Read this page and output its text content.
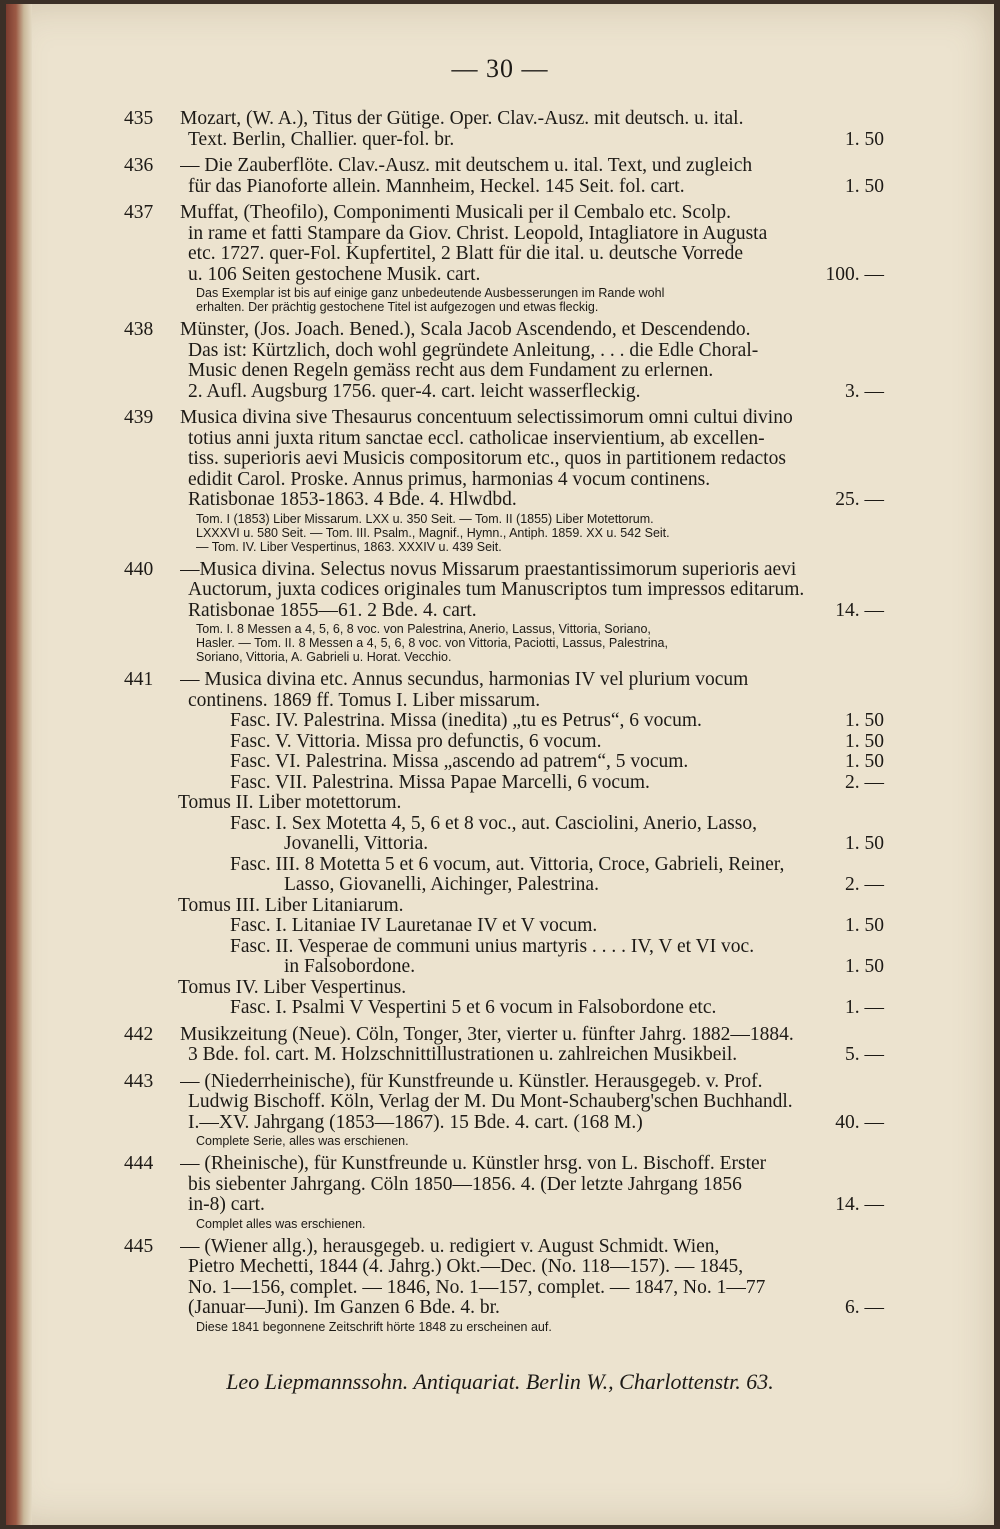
— 30 —
435	Mozart, (W. A.), Titus der Gütige. Oper. Clav.-Ausz. mit deutsch. u. ital.
Text. Berlin, Challier. quer-fol. br.	1. 50
436	— Die Zauberflöte. Clav.-Ausz. mit deutschem u. ital. Text, und zugleich
für das Pianoforte allein. Mannheim, Heckel. 145 Seit. fol. cart.	1. 50
437	Muffat, (Theofilo), Componimenti Musicali per il Cembalo etc. Scolp.
in rame et fatti Stampare da Giov. Christ. Leopold, Intagliatore in Augusta
etc. 1727. quer-Fol. Kupfertitel, 2 Blatt für die ital. u. deutsche Vorrede
u. 106 Seiten gestochene Musik. cart.	100. —
Das Exemplar ist bis auf einige ganz unbedeutende Ausbesserungen im Rande wohl
erhalten. Der prächtig gestochene Titel ist aufgezogen und etwas fleckig.
438	Münster, (Jos. Joach. Bened.), Scala Jacob Ascendendo, et Descendendo.
Das ist: Kürtzlich, doch wohl gegründete Anleitung, . . . die Edle Choral-
Music denen Regeln gemäss recht aus dem Fundament zu erlernen.
2. Aufl. Augsburg 1756. quer-4. cart. leicht wasserfleckig.	3. —
439	Musica divina sive Thesaurus concentuum selectissimorum omni cultui divino
totius anni juxta ritum sanctae eccl. catholicae inservientium, ab excellen-
tiss. superioris aevi Musicis compositorum etc., quos in partitionem redactos
edidit Carol. Proske. Annus primus, harmonias 4 vocum continens.
Ratisbonae 1853-1863. 4 Bde. 4. Hlwdbd.	25. —
Tom. I (1853) Liber Missarum. LXX u. 350 Seit. — Tom. II (1855) Liber Motettorum.
LXXXVI u. 580 Seit. — Tom. III. Psalm., Magnif., Hymn., Antiph. 1859. XX u. 542 Seit.
— Tom. IV. Liber Vespertinus, 1863. XXXIV u. 439 Seit.
440	—Musica divina. Selectus novus Missarum praestantissimorum superioris aevi
Auctorum, juxta codices originales tum Manuscriptos tum impressos editarum.
Ratisbonae 1855—61. 2 Bde. 4. cart.	14. —
Tom. I. 8 Messen a 4, 5, 6, 8 voc. von Palestrina, Anerio, Lassus, Vittoria, Soriano,
Hasler. — Tom. II. 8 Messen a 4, 5, 6, 8 voc. von Vittoria, Paciotti, Lassus, Palestrina,
Soriano, Vittoria, A. Gabrieli u. Horat. Vecchio.
441	— Musica divina etc. Annus secundus, harmonias IV vel plurium vocum
continens. 1869 ff. Tomus I. Liber missarum.
Fasc. IV. Palestrina. Missa (inedita) „tu es Petrus“, 6 vocum.	1. 50
Fasc. V. Vittoria. Missa pro defunctis, 6 vocum.	1. 50
Fasc. VI. Palestrina. Missa „ascendo ad patrem“, 5 vocum.	1. 50
Fasc. VII. Palestrina. Missa Papae Marcelli, 6 vocum.	2. —
Tomus II. Liber motettorum.
Fasc. I. Sex Motetta 4, 5, 6 et 8 voc., aut. Casciolini, Anerio, Lasso,
Jovanelli, Vittoria.	1. 50
Fasc. III. 8 Motetta 5 et 6 vocum, aut. Vittoria, Croce, Gabrieli, Reiner,
Lasso, Giovanelli, Aichinger, Palestrina.	2. —
Tomus III. Liber Litaniarum.
Fasc. I. Litaniae IV Lauretanae IV et V vocum.	1. 50
Fasc. II. Vesperae de communi unius martyris . . . . IV, V et VI voc.
in Falsobordone.	1. 50
Tomus IV. Liber Vespertinus.
Fasc. I. Psalmi V Vespertini 5 et 6 vocum in Falsobordone etc.	1. —
442	Musikzeitung (Neue). Cöln, Tonger, 3ter, vierter u. fünfter Jahrg. 1882—1884.
3 Bde. fol. cart. M. Holzschnittillustrationen u. zahlreichen Musikbeil.	5. —
443	— (Niederrheinische), für Kunstfreunde u. Künstler. Herausgegeb. v. Prof.
Ludwig Bischoff. Köln, Verlag der M. Du Mont-Schauberg'schen Buchhandl.
I.—XV. Jahrgang (1853—1867). 15 Bde. 4. cart. (168 M.)	40. —
Complete Serie, alles was erschienen.
444	— (Rheinische), für Kunstfreunde u. Künstler hrsg. von L. Bischoff. Erster
bis siebenter Jahrgang. Cöln 1850—1856. 4. (Der letzte Jahrgang 1856
in-8) cart.	14. —
Complet alles was erschienen.
445	— (Wiener allg.), herausgegeb. u. redigiert v. August Schmidt. Wien,
Pietro Mechetti, 1844 (4. Jahrg.) Okt.—Dec. (No. 118—157). — 1845,
No. 1—156, complet. — 1846, No. 1—157, complet. — 1847, No. 1—77
(Januar—Juni). Im Ganzen 6 Bde. 4. br.	6. —
Diese 1841 begonnene Zeitschrift hörte 1848 zu erscheinen auf.
Leo Liepmannssohn. Antiquariat. Berlin W., Charlottenstr. 63.
